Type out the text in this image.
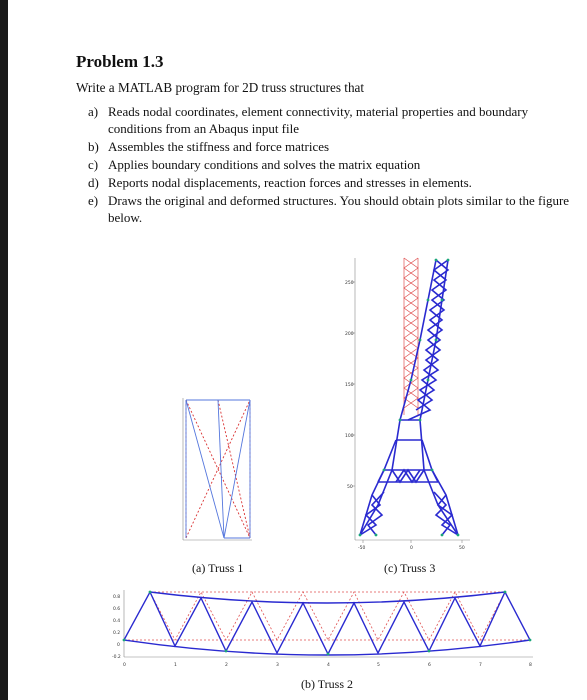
Problem 1.3
Write a MATLAB program for 2D truss structures that
a) Reads nodal coordinates, element connectivity, material properties and boundary conditions from an Abaqus input file
b) Assembles the stiffness and force matrices
c) Applies boundary conditions and solves the matrix equation
d) Reports nodal displacements, reaction forces and stresses in elements.
e) Draws the original and deformed structures. You should obtain plots similar to the figure below.
250
200
150
100
50
-50	0	50
(a) Truss 1	(c) Truss 3
0.8
0.6
0.4
0.2
0
-0.2
0	1	2	3	4	5	6	7	8
(b) Truss 2
